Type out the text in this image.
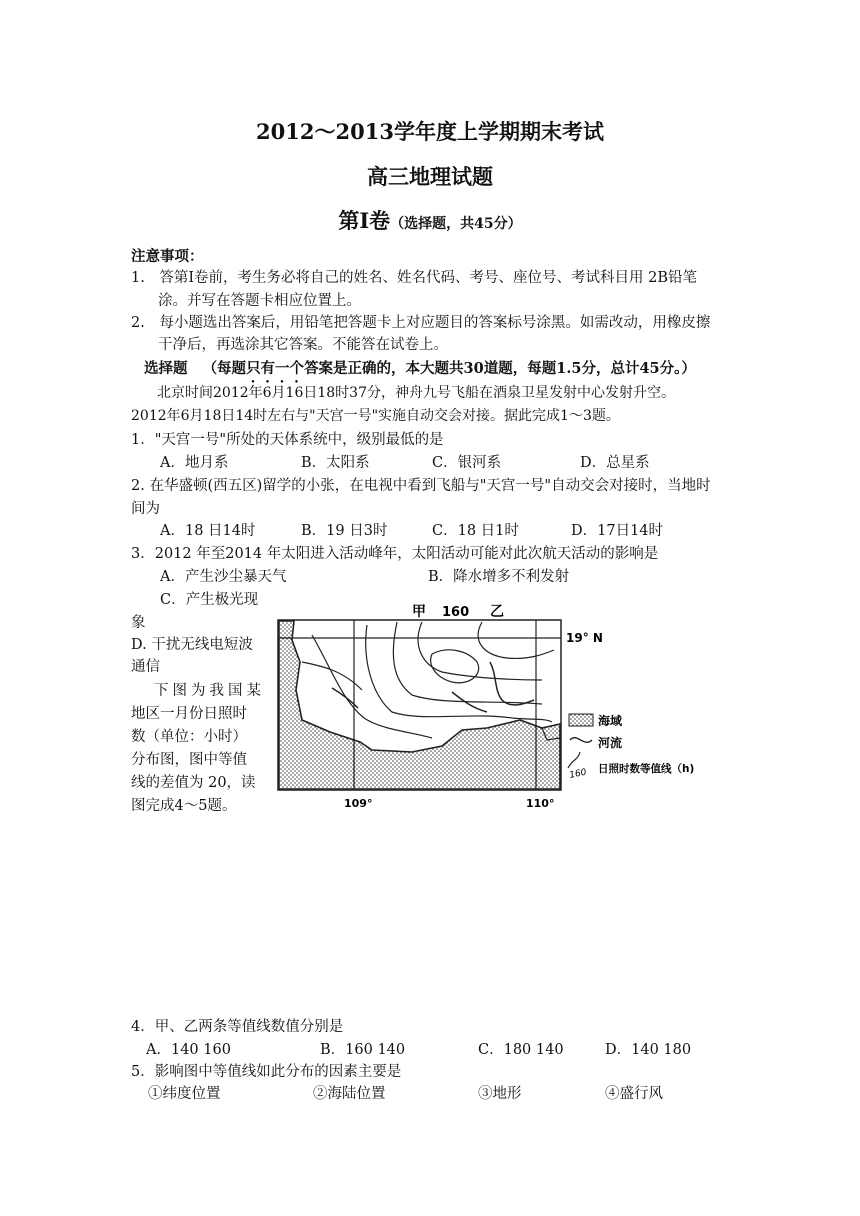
2012～2013学年度上学期期末考试
高三地理试题
第Ⅰ卷（选择题，共45分）
注意事项：
1.　答第Ⅰ卷前，考生务必将自己的姓名、姓名代码、考号、座位号、考试科目用 2B铅笔
涂。并写在答题卡相应位置上。
2.　每小题选出答案后，用铅笔把答题卡上对应题目的答案标号涂黑。如需改动，用橡皮擦
干净后，再选涂其它答案。不能答在试卷上。
选择题 （每题只有一个答案是正确的，本大题共30道题，每题1.5分，总计45分。）
北京时间2012年6月16日18时37分，神舟九号飞船在酒泉卫星发射中心发射升空。
2012年6月18日14时左右与"天宫一号"实施自动交会对接。据此完成1～3题。
1．"天宫一号"所处的天体系统中，级别最低的是
A．地月系	B．太阳系	C．银河系	D．总星系
2. 在华盛顿(西五区)留学的小张，在电视中看到飞船与"天宫一号"自动交会对接时，当地时
间为
A．18 日14时	B．19 日3时	C．18 日1时	D．17日14时
3．2012 年至2014 年太阳进入活动峰年，太阳活动可能对此次航天活动的影响是
A．产生沙尘暴天气	B．降水增多不利发射
C．产生极光现
象
D. 干扰无线电短波
通信
下图为我国某
地区一月份日照时
数（单位：小时）
分布图，图中等值
线的差值为 20，读
图完成4～5题。
甲 160 乙
19° N
109°	110°
海域
河流
160 日照时数等值线（h)
4．甲、乙两条等值线数值分别是
A．140 160	B．160 140	C．180 140	D．140 180
5．影响图中等值线如此分布的因素主要是
①纬度位置	②海陆位置	③地形	④盛行风
